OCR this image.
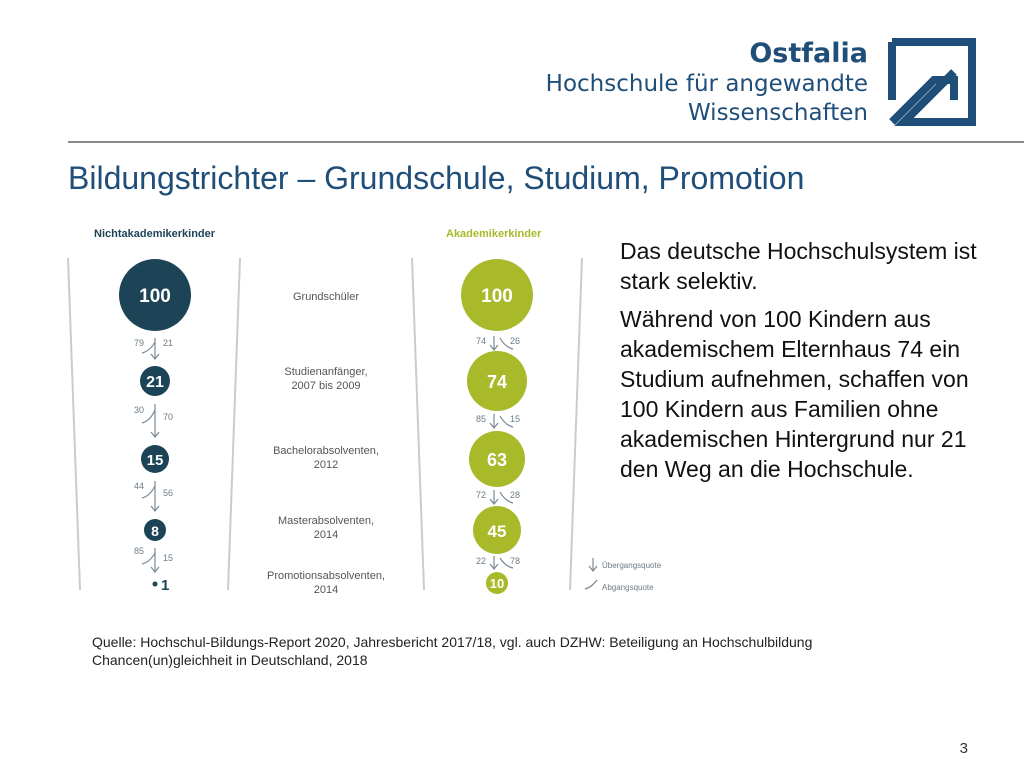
Ostfalia
Hochschule für angewandte
Wissenschaften
Bildungstrichter – Grundschule, Studium, Promotion
Nichtakademikerkinder	Akademikerkinder
100
21
15
8
1
100
74
63
45
10
Grundschüler
Studienanfänger,
2007 bis 2009
Bachelorabsolventen,
2012
Masterabsolventen,
2014
Promotionsabsolventen,
2014
79 21
30
70
44
56
85
15
74	26
85	15
72	28
22	78	Übergangsquote
Abgangsquote

Das deutsche Hochschulsystem ist stark selektiv.

Während von 100 Kindern aus akademischem Elternhaus 74 ein Studium aufnehmen, schaffen von 100 Kindern aus Familien ohne akademischen Hintergrund nur 21 den Weg an die Hochschule.

Quelle: Hochschul-Bildungs-Report 2020, Jahresbericht 2017/18, vgl. auch DZHW: Beteiligung an Hochschulbildung
Chancen(un)gleichheit in Deutschland, 2018
3
